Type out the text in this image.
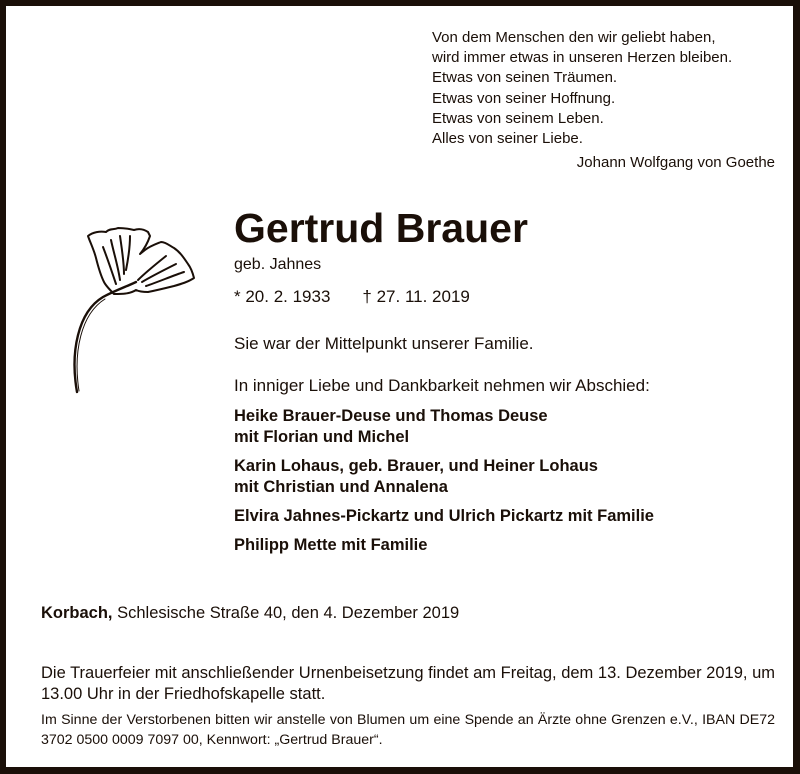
Von dem Menschen den wir geliebt haben,
wird immer etwas in unseren Herzen bleiben.
Etwas von seinen Träumen.
Etwas von seiner Hoffnung.
Etwas von seinem Leben.
Alles von seiner Liebe.
Johann Wolfgang von Goethe
Gertrud Brauer
geb. Jahnes
* 20. 2. 1933 † 27. 11. 2019
Sie war der Mittelpunkt unserer Familie.
In inniger Liebe und Dankbarkeit nehmen wir Abschied:
Heike Brauer-Deuse und Thomas Deuse
mit Florian und Michel
Karin Lohaus, geb. Brauer, und Heiner Lohaus
mit Christian und Annalena
Elvira Jahnes-Pickartz und Ulrich Pickartz mit Familie
Philipp Mette mit Familie
Korbach, Schlesische Straße 40, den 4. Dezember 2019
Die Trauerfeier mit anschließender Urnenbeisetzung findet am Freitag, dem 13. Dezember 2019, um 13.00 Uhr in der Friedhofskapelle statt.
Im Sinne der Verstorbenen bitten wir anstelle von Blumen um eine Spende an Ärzte ohne Grenzen e.V., IBAN DE72 3702 0500 0009 7097 00, Kennwort: „Gertrud Brauer“.
